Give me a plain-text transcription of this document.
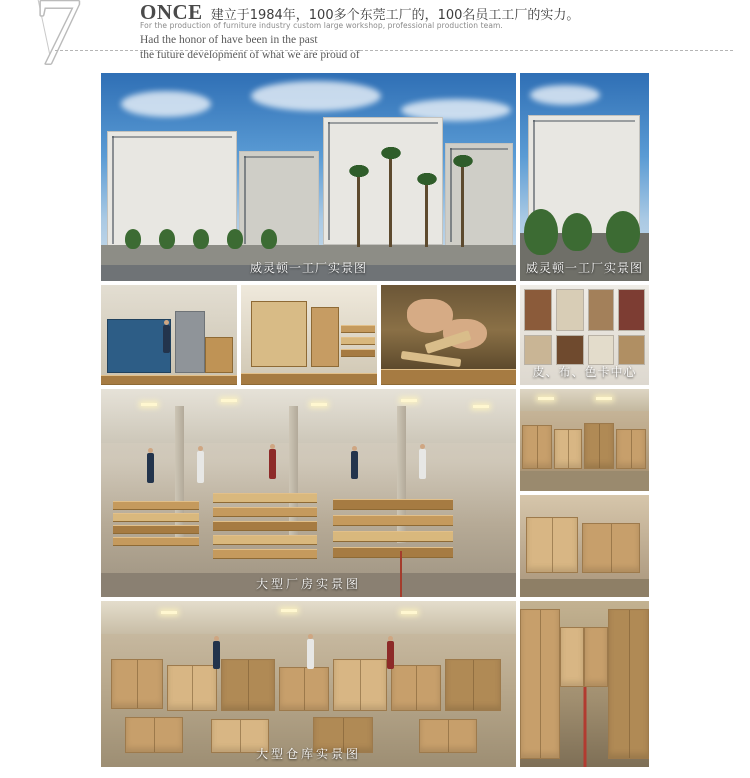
7	ONCE 建立于1984年，100多个东莞工厂的，100名员工工厂的实力。
For the production of furniture industry custom large workshop, professional production team.
Had the honor of have been in the past
the future development of what we are proud of
威灵顿一工厂实景图	威灵顿一工厂实景图
皮、布、色卡中心
大型厂房实景图
大型仓库实景图
